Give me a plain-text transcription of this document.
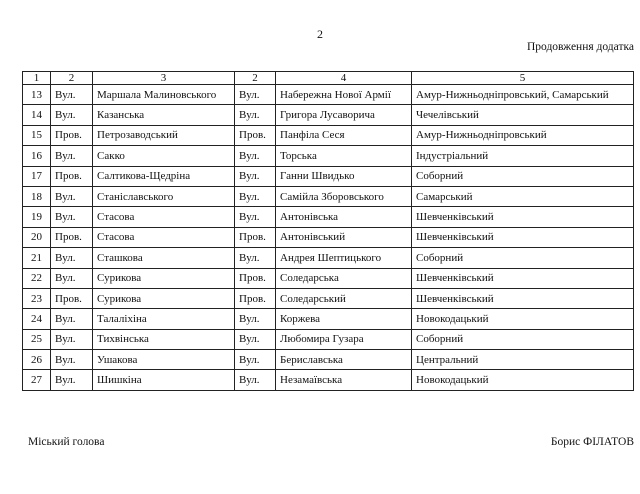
2
Продовження додатка
1	2	3	2	4	5
13	Вул.	Маршала Малиновського	Вул.	Набережна Нової Армії	Амур-Нижньодніпровський, Самарський
14	Вул.	Казанська	Вул.	Григора Лусаворича	Чечелівський
15	Пров.	Петрозаводський	Пров.	Панфіла Сеся	Амур-Нижньодніпровський
16	Вул.	Сакко	Вул.	Торська	Індустріальний
17	Пров.	Салтикова-Щедріна	Вул.	Ганни Швидько	Соборний
18	Вул.	Станіславського	Вул.	Самійла Зборовського	Самарський
19	Вул.	Стасова	Вул.	Антонівська	Шевченківський
20	Пров.	Стасова	Пров.	Антонівський	Шевченківський
21	Вул.	Сташкова	Вул.	Андрея Шептицького	Соборний
22	Вул.	Сурикова	Пров.	Соледарська	Шевченківський
23	Пров.	Сурикова	Пров.	Соледарський	Шевченківський
24	Вул.	Талаліхіна	Вул.	Коржева	Новокодацький
25	Вул.	Тихвінська	Вул.	Любомира Гузара	Соборний
26	Вул.	Ушакова	Вул.	Бериславська	Центральний
27	Вул.	Шишкіна	Вул.	Незамаївська	Новокодацький
Міський голова	Борис ФІЛАТОВ
